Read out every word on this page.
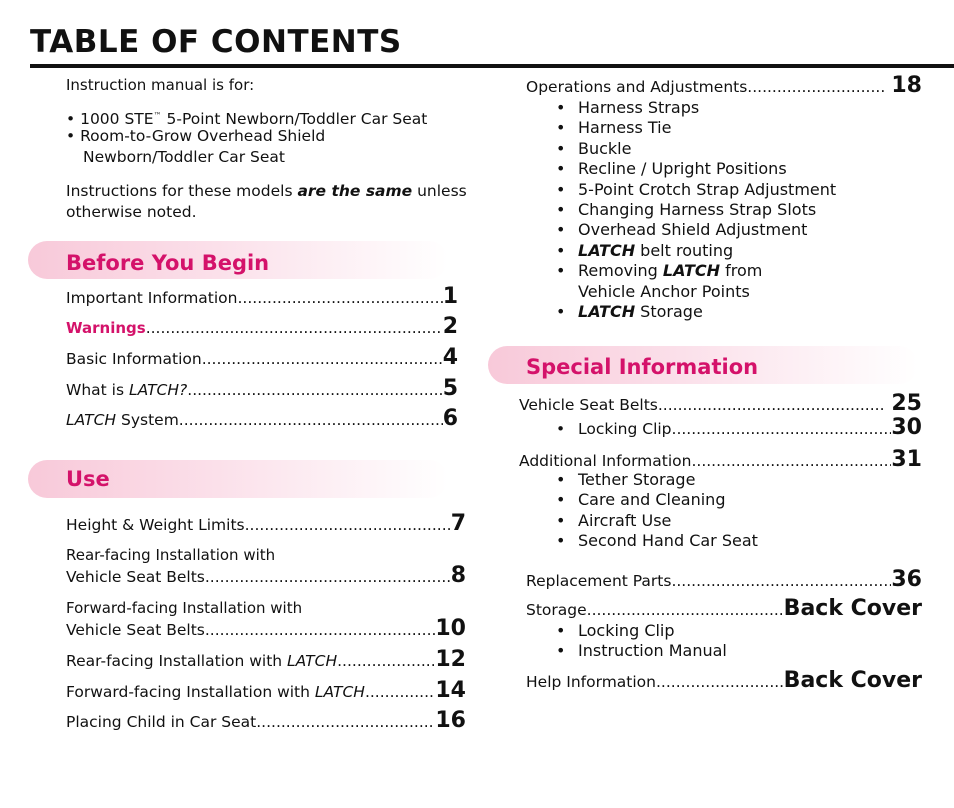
TABLE OF CONTENTS
Instruction manual is for:
• 1000 STE™ 5-Point Newborn/Toddler Car Seat
• Room-to-Grow Overhead Shield
Newborn/Toddler Car Seat
Instructions for these models are the same unless
otherwise noted.
Before You Begin
Important Information .....	1
Warnings .....	2
Basic Information .....	4
What is LATCH? .....	5
LATCH System .....	6
Use
Height & Weight Limits .....	7
Rear-facing Installation with
Vehicle Seat Belts .....	8
Forward-facing Installation with
Vehicle Seat Belts .....	10
Rear-facing Installation with LATCH .....	12
Forward-facing Installation with LATCH .....	14
Placing Child in Car Seat .....	16
Operations and Adjustments .....	18
• Harness Straps
• Harness Tie
• Buckle
• Recline / Upright Positions
• 5-Point Crotch Strap Adjustment
• Changing Harness Strap Slots
• Overhead Shield Adjustment
• LATCH belt routing
• Removing LATCH from
Vehicle Anchor Points
• LATCH Storage
Special Information
Vehicle Seat Belts .....	25
• Locking Clip .....	30
Additional Information .....	31
• Tether Storage
• Care and Cleaning
• Aircraft Use
• Second Hand Car Seat
Replacement Parts .....	36
Storage .....	Back Cover
• Locking Clip
• Instruction Manual
Help Information .....	Back Cover
